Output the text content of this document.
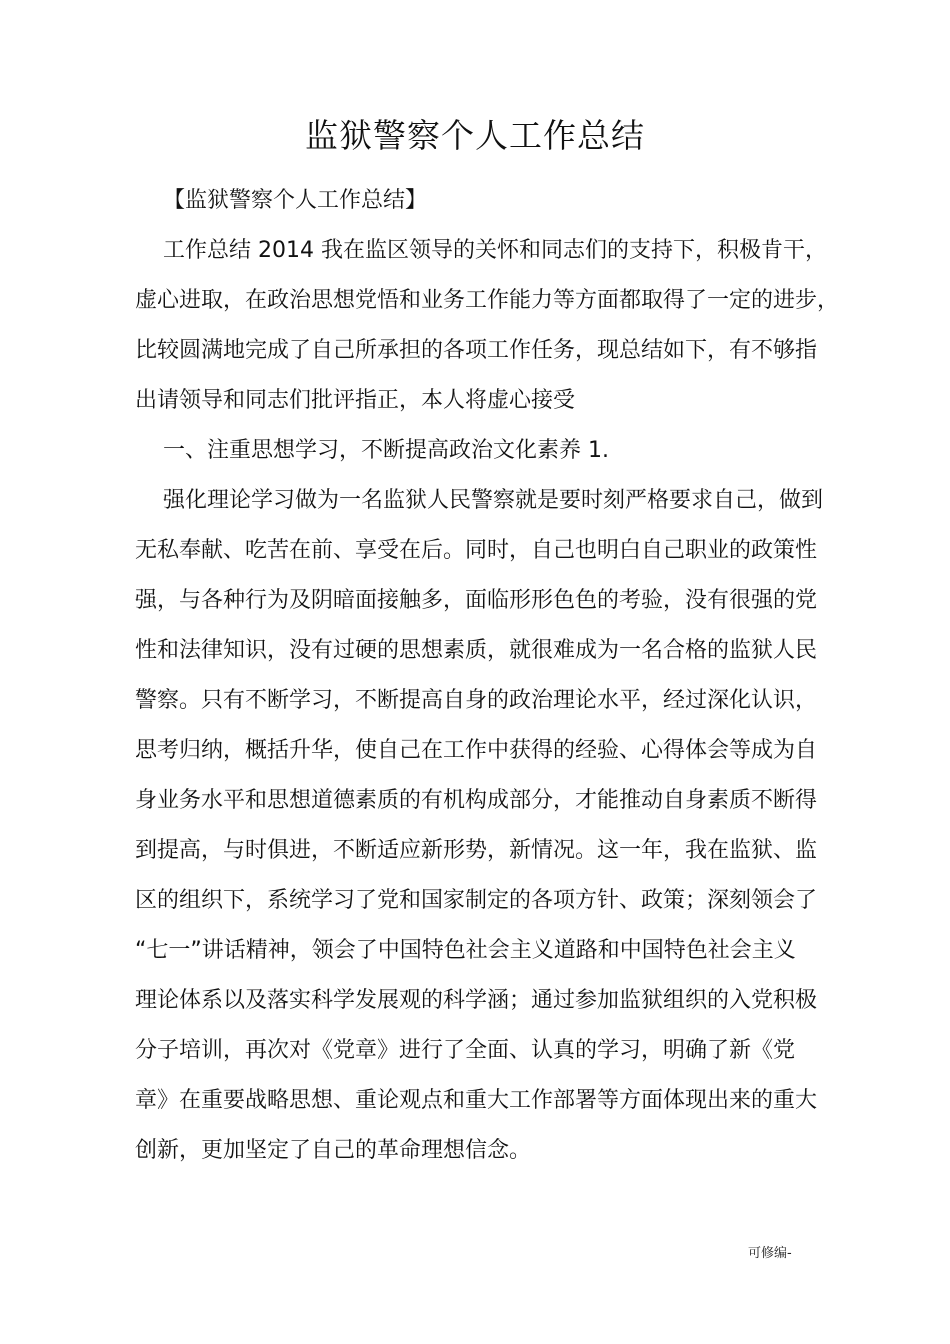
监狱警察个人工作总结
【监狱警察个人工作总结】
工作总结 2014 我在监区领导的关怀和同志们的支持下，积极肯干，
虚心进取，在政治思想党悟和业务工作能力等方面都取得了一定的进步，
比较圆满地完成了自己所承担的各项工作任务，现总结如下，有不够指
出请领导和同志们批评指正，本人将虚心接受
一、注重思想学习，不断提高政治文化素养 1.
强化理论学习做为一名监狱人民警察就是要时刻严格要求自己，做到
无私奉献、吃苦在前、享受在后。同时，自己也明白自己职业的政策性
强，与各种行为及阴暗面接触多，面临形形色色的考验，没有很强的党
性和法律知识，没有过硬的思想素质，就很难成为一名合格的监狱人民
警察。只有不断学习，不断提高自身的政治理论水平，经过深化认识，
思考归纳，概括升华，使自己在工作中获得的经验、心得体会等成为自
身业务水平和思想道德素质的有机构成部分，才能推动自身素质不断得
到提高，与时俱进，不断适应新形势，新情况。这一年，我在监狱、监
区的组织下，系统学习了党和国家制定的各项方针、政策；深刻领会了
“七一”讲话精神，领会了中国特色社会主义道路和中国特色社会主义
理论体系以及落实科学发展观的科学涵；通过参加监狱组织的入党积极
分子培训，再次对《党章》进行了全面、认真的学习，明确了新《党
章》在重要战略思想、重论观点和重大工作部署等方面体现出来的重大
创新，更加坚定了自己的革命理想信念。
可修编-
